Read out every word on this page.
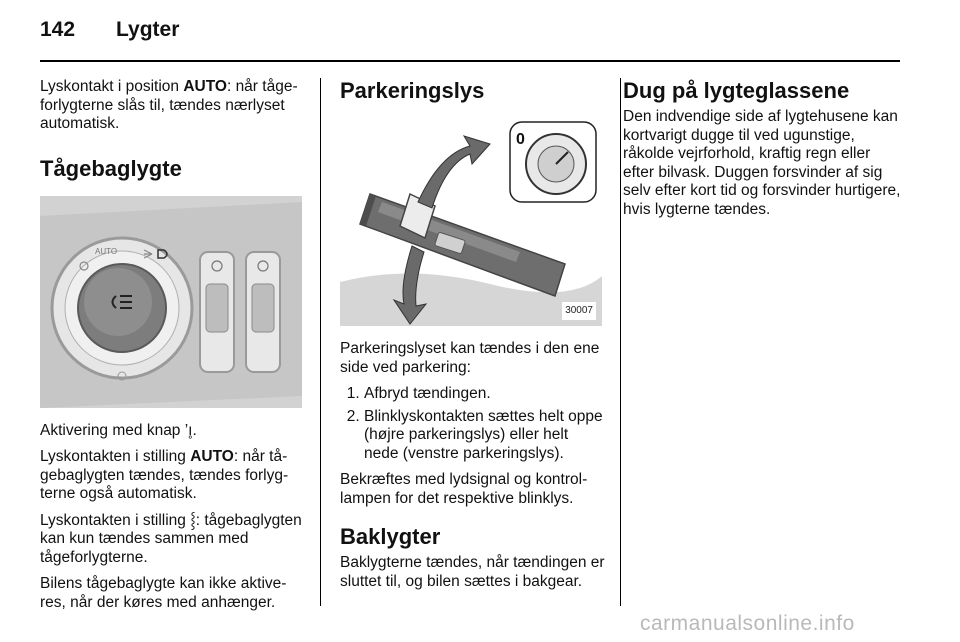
142 Lygter

Lyskontakt i position AUTO: når tågeforlygterne slås til, tændes nærlyset automatisk.

Tågebaglygte
AUTO

Aktivering med knap ’ı̥.

Lyskontakten i stilling AUTO: når tågebaglygten tændes, tændes forlygterne også automatisk.

Lyskontakten i stilling ⸾: tågebaglygten kan kun tændes sammen med tågeforlygterne.

Bilens tågebaglygte kan ikke aktiveres, når der køres med anhænger.

Parkeringslys
0
30007

Parkeringslyset kan tændes i den ene side ved parkering:

1. Afbryd tændingen.
2. Blinklyskontakten sættes helt oppe (højre parkeringslys) eller helt nede (venstre parkeringslys).

Bekræftes med lydsignal og kontrollampen for det respektive blinklys.

Baklygter

Baklygterne tændes, når tændingen er sluttet til, og bilen sættes i bakgear.

Dug på lygteglassene

Den indvendige side af lygtehusene kan kortvarigt dugge til ved ugunstige, råkolde vejrforhold, kraftig regn eller efter bilvask. Duggen forsvinder af sig selv efter kort tid og forsvinder hurtigere, hvis lygterne tændes.

carmanualsonline.info
